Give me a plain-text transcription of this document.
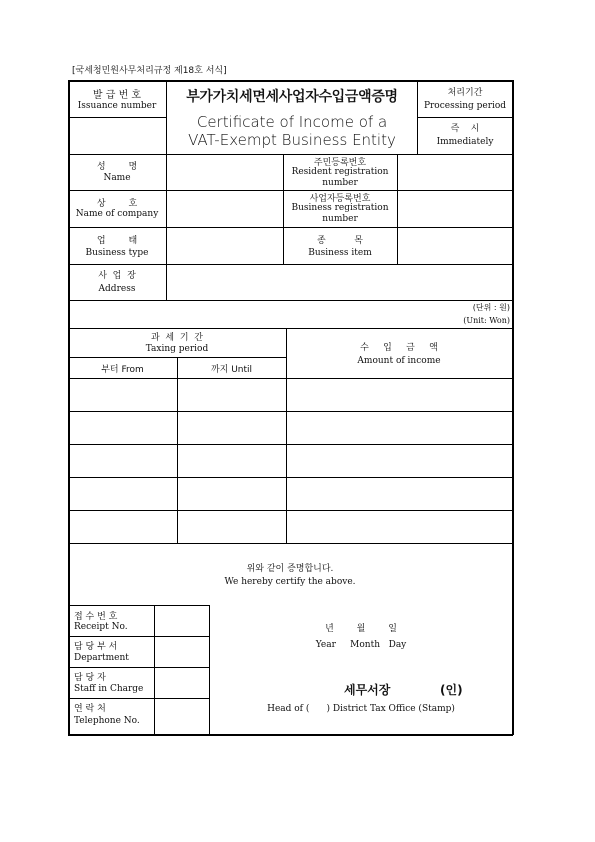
[국세청민원사무처리규정 제18호 서식]
발 급 번 호
Issuance number
부가가치세면세사업자수입금액증명
Certificate of Income of a
VAT-Exempt Business Entity
처리기간
Processing period
즉    시
Immediately
성        명
Name
주민등록번호
Resident registration number
상        호
Name of company
사업자등록번호
Business registration number
업        태
Business type
종          목
Business item
사  업  장
Address
(단위 : 원)
(Unit: Won)
과  세  기  간
Taxing period
부터 From	까지 Until
수     입     금     액
Amount of income
위와 같이 증명합니다.
We hereby certify the above.
접 수 번 호
Receipt No.
담 당 부 서
Department
담 당 자
Staff in Charge
연 락 처
Telephone No.
년        월        일
Year     Month   Day
세무서장	(인)
Head of (      ) District Tax Office (Stamp)
